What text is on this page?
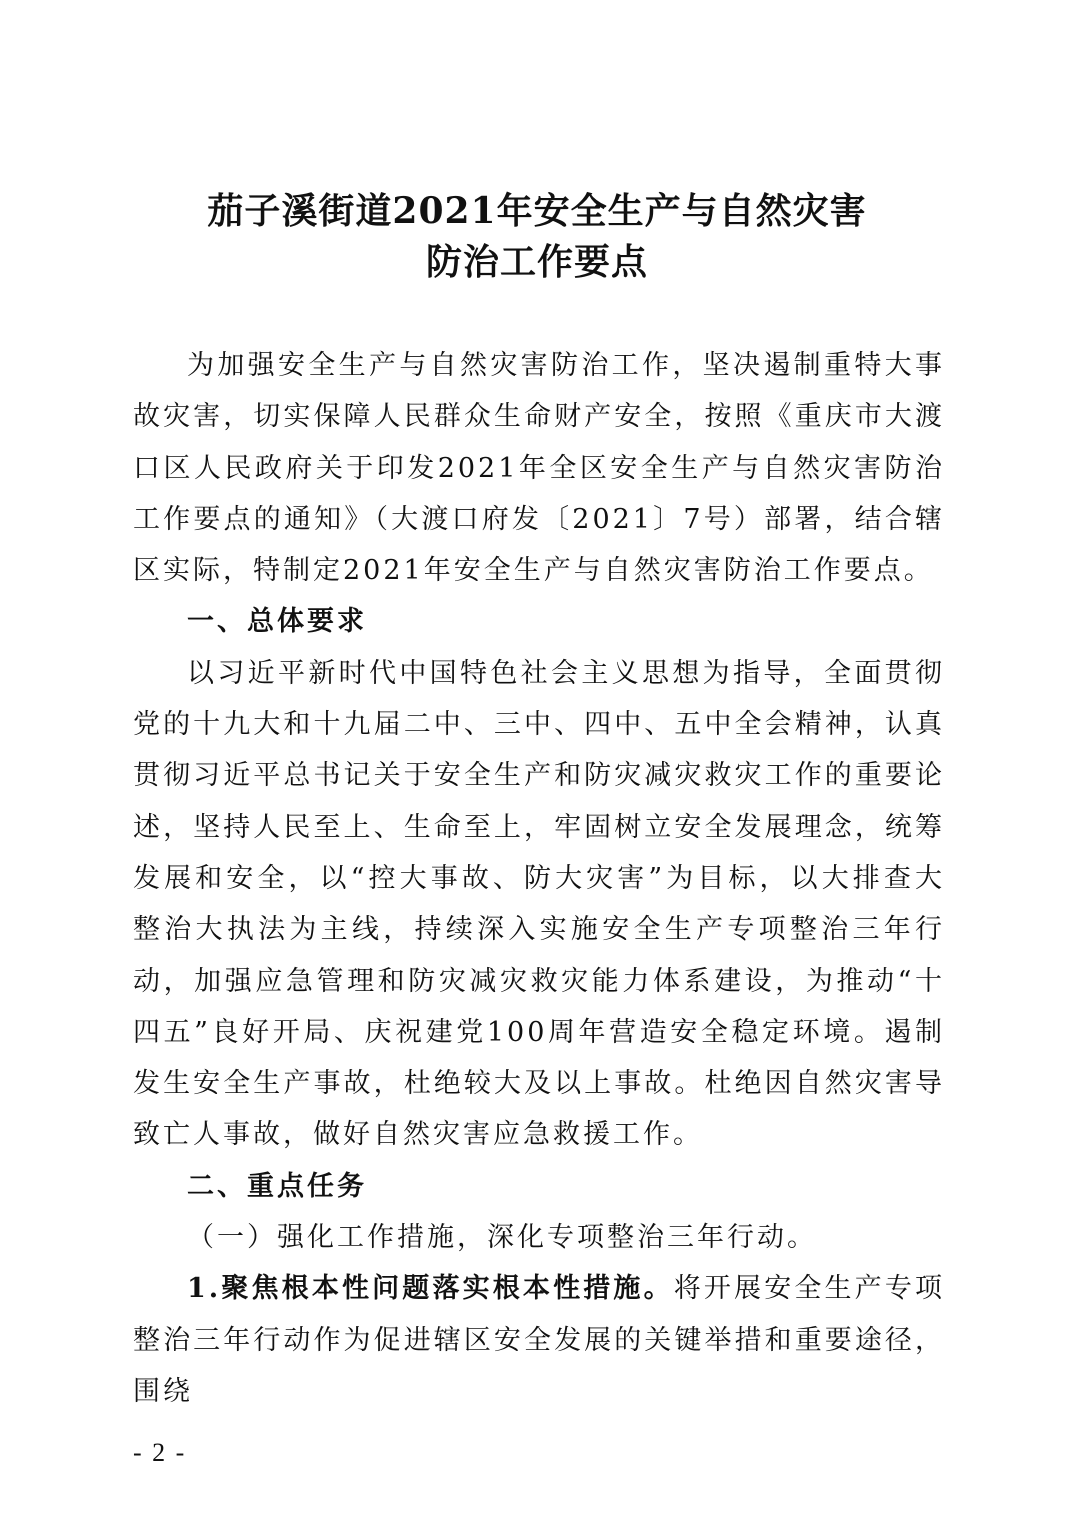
茄子溪街道2021年安全生产与自然灾害
防治工作要点

为加强安全生产与自然灾害防治工作，坚决遏制重特大事故灾害，切实保障人民群众生命财产安全，按照《重庆市大渡口区人民政府关于印发2021年全区安全生产与自然灾害防治工作要点的通知》（大渡口府发〔2021〕7号）部署，结合辖区实际，特制定2021年安全生产与自然灾害防治工作要点。

一、总体要求

以习近平新时代中国特色社会主义思想为指导，全面贯彻党的十九大和十九届二中、三中、四中、五中全会精神，认真贯彻习近平总书记关于安全生产和防灾减灾救灾工作的重要论述，坚持人民至上、生命至上，牢固树立安全发展理念，统筹发展和安全，以“控大事故、防大灾害”为目标，以大排查大整治大执法为主线，持续深入实施安全生产专项整治三年行动，加强应急管理和防灾减灾救灾能力体系建设，为推动“十四五”良好开局、庆祝建党100周年营造安全稳定环境。遏制发生安全生产事故，杜绝较大及以上事故。杜绝因自然灾害导致亡人事故，做好自然灾害应急救援工作。

二、重点任务

（一）强化工作措施，深化专项整治三年行动。

1.聚焦根本性问题落实根本性措施。将开展安全生产专项整治三年行动作为促进辖区安全发展的关键举措和重要途径，围绕

- 2 -
